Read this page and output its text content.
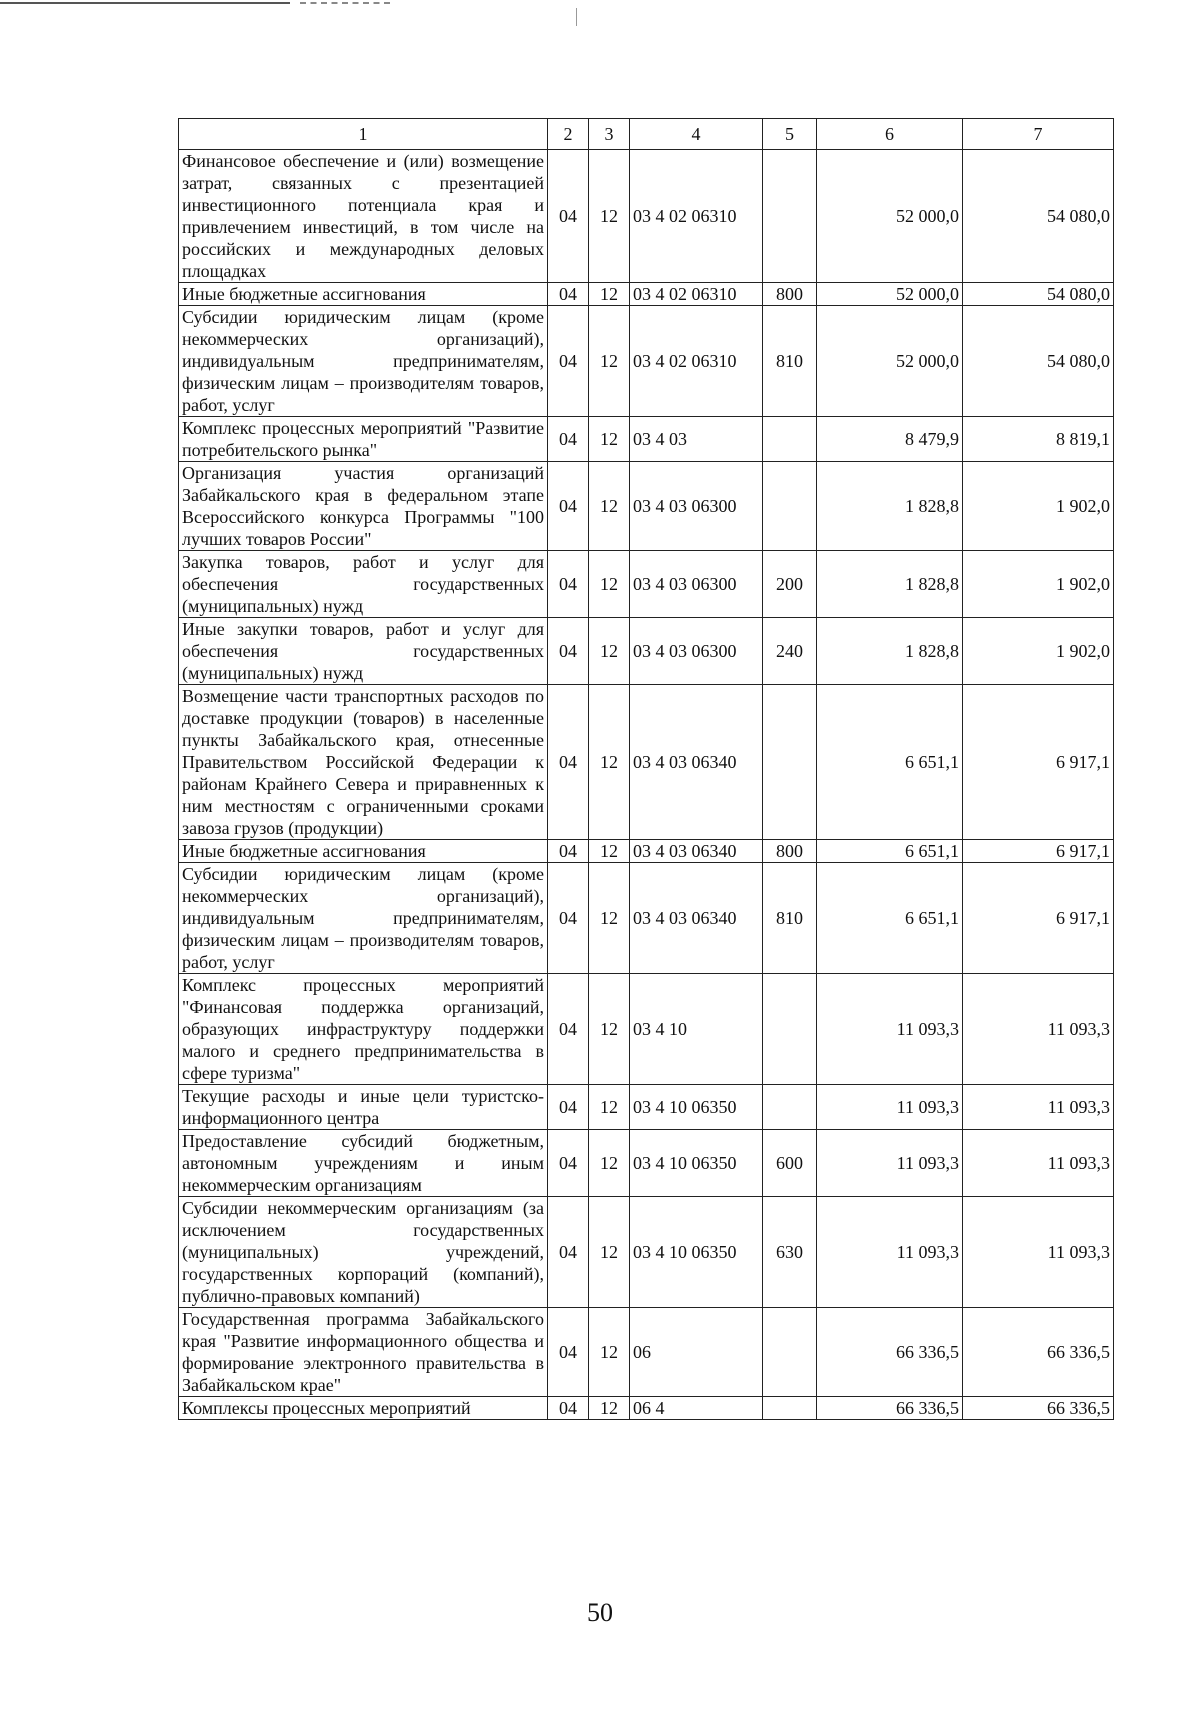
1	2	3	4	5	6	7
Финансовое обеспечение и (или) возмещение затрат, связанных с презентацией инвестиционного потенциала края и привлечением инвестиций, в том числе на российских и международных деловых площадках	04	12	03 4 02 06310		52 000,0	54 080,0
Иные бюджетные ассигнования	04	12	03 4 02 06310	800	52 000,0	54 080,0
Субсидии юридическим лицам (кроме некоммерческих организаций), индивидуальным предпринимателям, физическим лицам – производителям товаров, работ, услуг	04	12	03 4 02 06310	810	52 000,0	54 080,0
Комплекс процессных мероприятий "Развитие потребительского рынка"	04	12	03 4 03		8 479,9	8 819,1
Организация участия организаций Забайкальского края в федеральном этапе Всероссийского конкурса Программы "100 лучших товаров России"	04	12	03 4 03 06300		1 828,8	1 902,0
Закупка товаров, работ и услуг для обеспечения государственных (муниципальных) нужд	04	12	03 4 03 06300	200	1 828,8	1 902,0
Иные закупки товаров, работ и услуг для обеспечения государственных (муниципальных) нужд	04	12	03 4 03 06300	240	1 828,8	1 902,0
Возмещение части транспортных расходов по доставке продукции (товаров) в населенные пункты Забайкальского края, отнесенные Правительством Российской Федерации к районам Крайнего Севера и приравненных к ним местностям с ограниченными сроками завоза грузов (продукции)	04	12	03 4 03 06340		6 651,1	6 917,1
Иные бюджетные ассигнования	04	12	03 4 03 06340	800	6 651,1	6 917,1
Субсидии юридическим лицам (кроме некоммерческих организаций), индивидуальным предпринимателям, физическим лицам – производителям товаров, работ, услуг	04	12	03 4 03 06340	810	6 651,1	6 917,1
Комплекс процессных мероприятий "Финансовая поддержка организаций, образующих инфраструктуру поддержки малого и среднего предпринимательства в сфере туризма"	04	12	03 4 10		11 093,3	11 093,3
Текущие расходы и иные цели туристско-информационного центра	04	12	03 4 10 06350		11 093,3	11 093,3
Предоставление субсидий бюджетным, автономным учреждениям и иным некоммерческим организациям	04	12	03 4 10 06350	600	11 093,3	11 093,3
Субсидии некоммерческим организациям (за исключением государственных (муниципальных) учреждений, государственных корпораций (компаний), публично-правовых компаний)	04	12	03 4 10 06350	630	11 093,3	11 093,3
Государственная программа Забайкальского края "Развитие информационного общества и формирование электронного правительства в Забайкальском крае"	04	12	06		66 336,5	66 336,5
Комплексы процессных мероприятий	04	12	06 4		66 336,5	66 336,5
50
